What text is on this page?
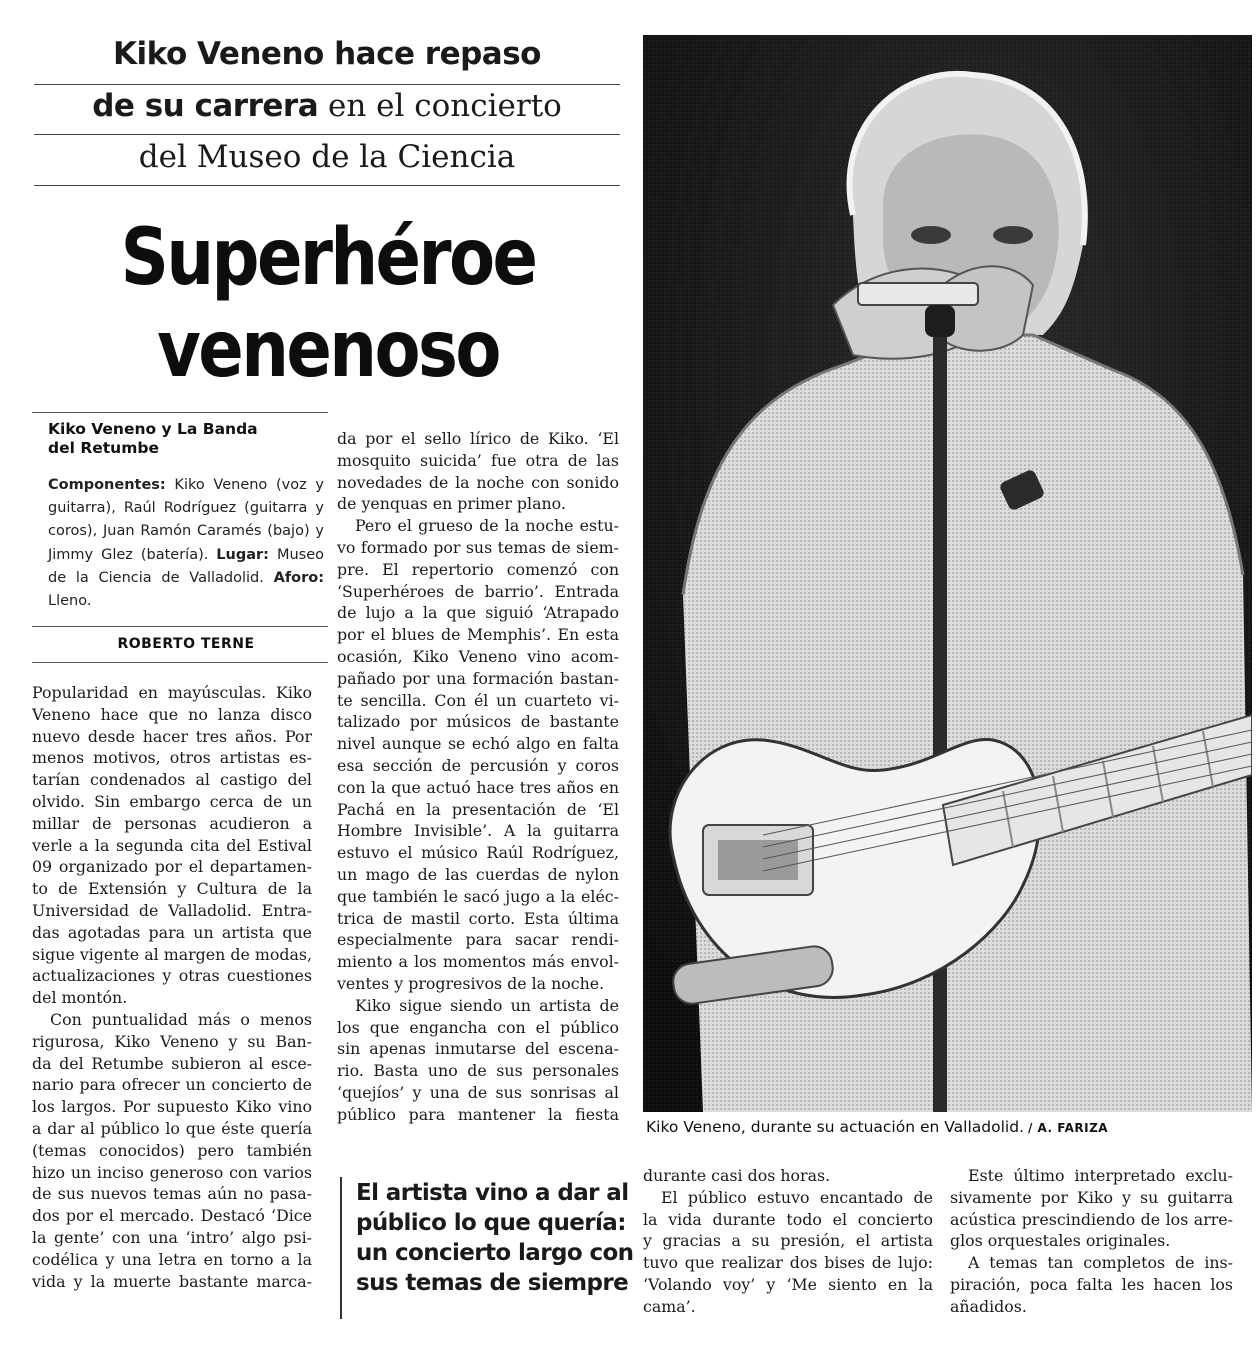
Kiko Veneno hace repaso
de su carrera en el concierto
del Museo de la Ciencia
Superhéroe
venenoso
Kiko Veneno y La Banda
del Retumbe
Componentes: Kiko Veneno (voz y guitarra), Raúl Rodríguez (guitarra y coros), Juan Ramón Caramés (bajo) y Jimmy Glez (batería). Lugar: Museo de la Ciencia de Valladolid. Aforo: Lleno.
ROBERTO TERNE
Popularidad en mayúsculas. Kiko
Veneno hace que no lanza disco
nuevo desde hacer tres años. Por
menos motivos, otros artistas es-
tarían condenados al castigo del
olvido. Sin embargo cerca de un
millar de personas acudieron a
verle a la segunda cita del Estival
09 organizado por el departamen-
to de Extensión y Cultura de la
Universidad de Valladolid. Entra-
das agotadas para un artista que
sigue vigente al margen de modas,
actualizaciones y otras cuestiones
del montón.
Con puntualidad más o menos
rigurosa, Kiko Veneno y su Ban-
da del Retumbe subieron al esce-
nario para ofrecer un concierto de
los largos. Por supuesto Kiko vino
a dar al público lo que éste quería
(temas conocidos) pero también
hizo un inciso generoso con varios
de sus nuevos temas aún no pasa-
dos por el mercado. Destacó ‘Dice
la gente’ con una ‘intro’ algo psi-
codélica y una letra en torno a la
vida y la muerte bastante marca-
da por el sello lírico de Kiko. ‘El
mosquito suicida’ fue otra de las
novedades de la noche con sonido
de yenquas en primer plano.
Pero el grueso de la noche estu-
vo formado por sus temas de siem-
pre. El repertorio comenzó con
‘Superhéroes de barrio’. Entrada
de lujo a la que siguió ‘Atrapado
por el blues de Memphis’. En esta
ocasión, Kiko Veneno vino acom-
pañado por una formación bastan-
te sencilla. Con él un cuarteto vi-
talizado por músicos de bastante
nivel aunque se echó algo en falta
esa sección de percusión y coros
con la que actuó hace tres años en
Pachá en la presentación de ‘El
Hombre Invisible’. A la guitarra
estuvo el músico Raúl Rodríguez,
un mago de las cuerdas de nylon
que también le sacó jugo a la eléc-
trica de mastil corto. Esta última
especialmente para sacar rendi-
miento a los momentos más envol-
ventes y progresivos de la noche.
Kiko sigue siendo un artista de
los que engancha con el público
sin apenas inmutarse del escena-
rio. Basta uno de sus personales
‘quejíos’ y una de sus sonrisas al
público para mantener la fiesta
El artista vino a dar al
público lo que quería:
un concierto largo con
sus temas de siempre
Kiko Veneno, durante su actuación en Valladolid. / A. FARIZA
durante casi dos horas.
El público estuvo encantado de
la vida durante todo el concierto
y gracias a su presión, el artista
tuvo que realizar dos bises de lujo:
‘Volando voy’ y ‘Me siento en la
cama’.
Este último interpretado exclu-
sivamente por Kiko y su guitarra
acústica prescindiendo de los arre-
glos orquestales originales.
A temas tan completos de ins-
piración, poca falta les hacen los
añadidos.
